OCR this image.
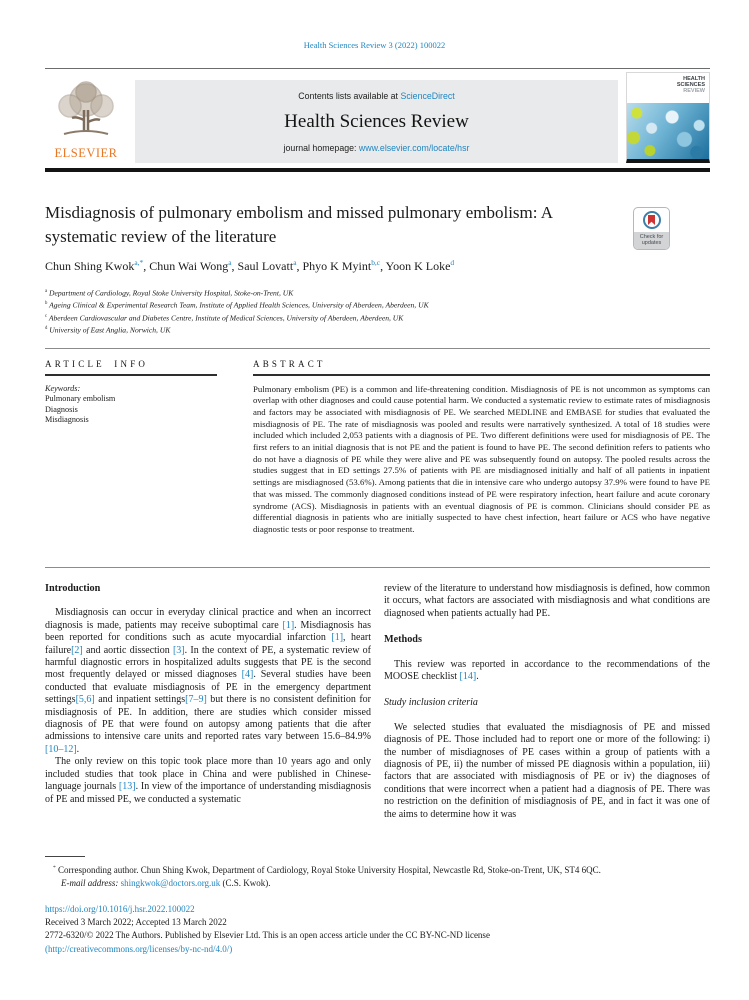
Health Sciences Review 3 (2022) 100022
ELSEVIER
Contents lists available at ScienceDirect
Health Sciences Review
journal homepage: www.elsevier.com/locate/hsr
HEALTH
SCIENCES
REVIEW
Misdiagnosis of pulmonary embolism and missed pulmonary embolism: A systematic review of the literature	Check for
updates
Chun Shing Kwok$^{a,*}$, Chun Wai Wong$^a$, Saul Lovatt$^a$, Phyo K Myint$^{b,c}$, Yoon K Loke$^d$
$^a$ Department of Cardiology, Royal Stoke University Hospital, Stoke-on-Trent, UK
$^b$ Ageing Clinical & Experimental Research Team, Institute of Applied Health Sciences, University of Aberdeen, Aberdeen, UK
$^c$ Aberdeen Cardiovascular and Diabetes Centre, Institute of Medical Sciences, University of Aberdeen, Aberdeen, UK
$^d$ University of East Anglia, Norwich, UK
ARTICLE INFO
Keywords:
Pulmonary embolism
Diagnosis
Misdiagnosis
ABSTRACT
Pulmonary embolism (PE) is a common and life-threatening condition. Misdiagnosis of PE is not uncommon as symptoms can overlap with other diagnoses and could cause potential harm. We conducted a systematic review to estimate rates of misdiagnosis and factors may be associated with misdiagnosis of PE. We searched MEDLINE and EMBASE for studies that evaluated the misdiagnosis of PE. The rate of misdiagnosis was pooled and results were narratively synthesized. A total of 18 studies were included which included 2,053 patients with a diagnosis of PE. Two different definitions were used for misdiagnosis of PE. The first refers to an initial diagnosis that is not PE and the patient is found to have PE. The second definition refers to patients who do not have a diagnosis of PE while they were alive and PE was subsequently found on autopsy. The pooled results across the studies suggest that in ED settings 27.5% of patients with PE are misdiagnosed initially and half of all patients in inpatient settings are misdiagnosed (53.6%). Among patients that die in intensive care who undergo autopsy 37.9% were found to have PE that was missed. The commonly diagnosed conditions instead of PE were respiratory infection, heart failure and acute coronary syndrome (ACS). Misdiagnosis in patients with an eventual diagnosis of PE is common. Clinicians should consider PE as differential diagnosis in patients who are initially suspected to have chest infection, heart failure or ACS who have negative diagnostic tests or poor response to treatment.
Introduction

Misdiagnosis can occur in everyday clinical practice and when an incorrect diagnosis is made, patients may receive suboptimal care [1]. Misdiagnosis has been reported for conditions such as acute myocardial infarction [1], heart failure[2] and aortic dissection [3]. In the context of PE, a systematic review of harmful diagnostic errors in hospitalized adults suggests that PE is the second most frequently delayed or missed diagnoses [4]. Several studies have been conducted that evaluate misdiagnosis of PE in the emergency department settings[5,6] and inpatient settings[7–9] but there is no consistent definition for misdiagnosis of PE. In addition, there are studies which consider missed diagnosis of PE that were found on autopsy among patients that die after admissions to intensive care units and reported rates vary between 15.6–84.9% [10–12].

The only review on this topic took place more than 10 years ago and only included studies that took place in China and were published in Chinese-language journals [13]. In view of the importance of understanding misdiagnosis of PE and missed PE, we conducted a systematic

review of the literature to understand how misdiagnosis is defined, how common it occurs, what factors are associated with misdiagnosis and what conditions are diagnosed when patients actually had PE.

Methods

This review was reported in accordance to the recommendations of the MOOSE checklist [14].

Study inclusion criteria

We selected studies that evaluated the misdiagnosis of PE and missed diagnosis of PE. Those included had to report one or more of the following: i) the number of misdiagnoses of PE cases within a group of patients with a diagnosis of PE, ii) the number of missed PE diagnosis within a population, iii) factors that are associated with misdiagnosis of PE or iv) the diagnoses of conditions that were incorrect when a patient had a diagnosis of PE. There was no restriction on the definition of misdiagnosis of PE, and in fact it was one of the aims to determine how it was

* Corresponding author. Chun Shing Kwok, Department of Cardiology, Royal Stoke University Hospital, Newcastle Rd, Stoke-on-Trent, UK, ST4 6QC.
E-mail address: shingkwok@doctors.org.uk (C.S. Kwok).
https://doi.org/10.1016/j.hsr.2022.100022
Received 3 March 2022; Accepted 13 March 2022
2772-6320/© 2022 The Authors. Published by Elsevier Ltd. This is an open access article under the CC BY-NC-ND license
(http://creativecommons.org/licenses/by-nc-nd/4.0/)
